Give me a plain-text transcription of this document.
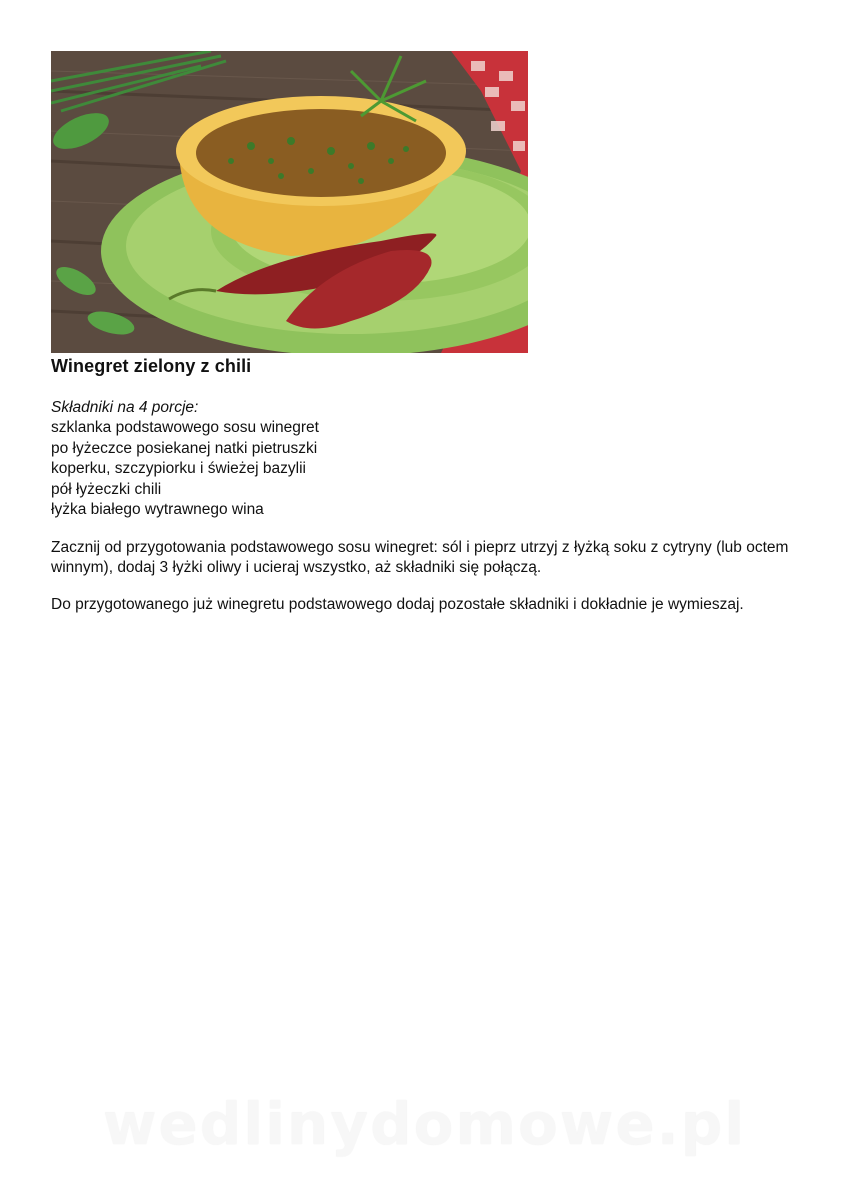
Winegret zielony z chili
Składniki na 4 porcje:
szklanka podstawowego sosu winegret
po łyżeczce posiekanej natki pietruszki
koperku, szczypiorku i świeżej bazylii
pół łyżeczki chili
łyżka białego wytrawnego wina
Zacznij od przygotowania podstawowego sosu winegret: sól i pieprz utrzyj z łyżką soku z cytryny (lub octem winnym), dodaj 3 łyżki oliwy i ucieraj wszystko, aż składniki się połączą.
Do przygotowanego już winegretu podstawowego dodaj pozostałe składniki i dokładnie je wymieszaj.
wedlinydomowe.pl
